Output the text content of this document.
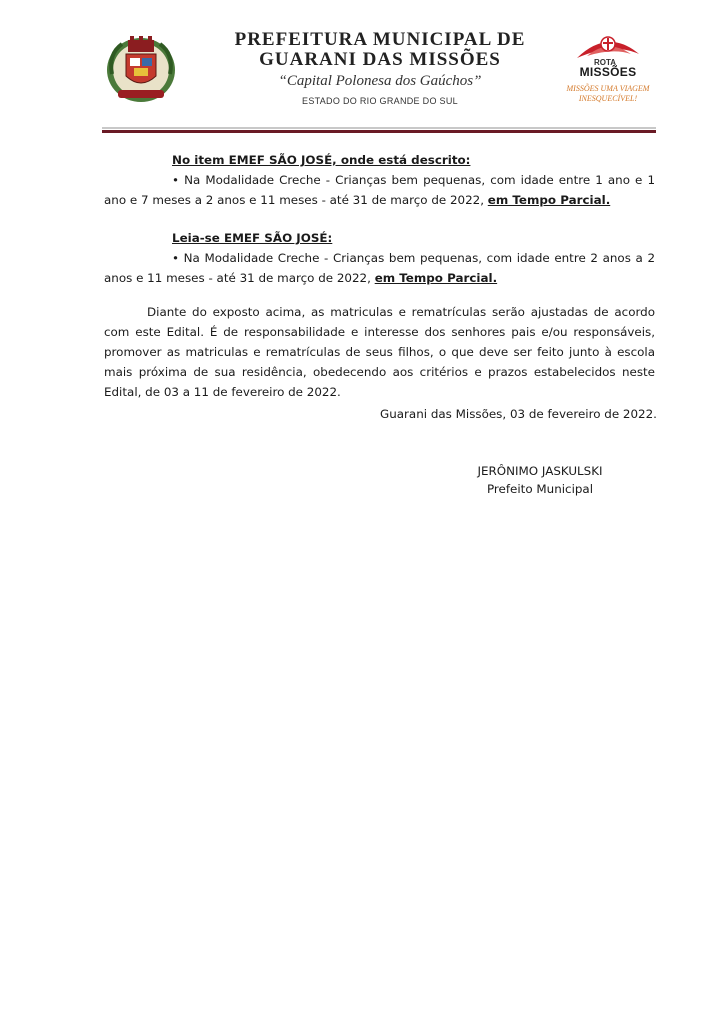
PREFEITURA MUNICIPAL DE
GUARANI DAS MISSÕES
“Capital Polonesa dos Gaúchos”
ESTADO DO RIO GRANDE DO SUL
ROTA
MISSÕES
MISSÕES UMA VIAGEM
INESQUECÍVEL!

No item EMEF SÃO JOSÉ, onde está descrito:

• Na Modalidade Creche - Crianças bem pequenas, com idade entre 1 ano e 1 ano e 7 meses a 2 anos e 11 meses - até 31 de março de 2022, em Tempo Parcial.

Leia-se EMEF SÃO JOSÉ:

• Na Modalidade Creche - Crianças bem pequenas, com idade entre 2 anos a 2 anos e 11 meses - até 31 de março de 2022, em Tempo Parcial.

Diante do exposto acima, as matriculas e rematrículas serão ajustadas de acordo com este Edital. É de responsabilidade e interesse dos senhores pais e/ou responsáveis, promover as matriculas e rematrículas de seus filhos, o que deve ser feito junto à escola mais próxima de sua residência, obedecendo aos critérios e prazos estabelecidos neste Edital, de 03 a 11 de fevereiro de 2022.

Guarani das Missões, 03 de fevereiro de 2022.
JERÔNIMO JASKULSKI
Prefeito Municipal
